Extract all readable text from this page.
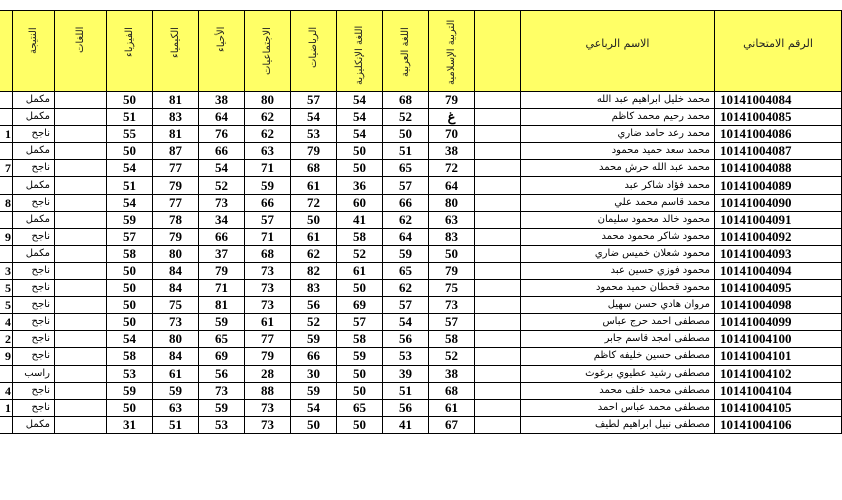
	النتيجة	اللغات	الفيزياء	الكيمياء	الأحياء	الاجتماعيات	الرياضيات	اللغة الإنكليزية	اللغة العربية	التربية الإسلامية		الاسم الرباعي	الرقم الامتحاني

	مكمل		50	81	38	80	57	54	68	79		محمد خليل ابراهيم عبد الله	10141004084
	مكمل		51	83	64	62	54	54	52	غ		محمد رحيم محمد كاظم	10141004085
1	ناجح		55	81	76	62	53	54	50	70		محمد رعد حامد ضاري	10141004086
	مكمل		50	87	66	63	79	50	51	38		محمد سعد حميد محمود	10141004087
7	ناجح		54	77	54	71	68	50	65	72		محمد عبد الله حرش محمد	10141004088
	مكمل		51	79	52	59	61	36	57	64		محمد فؤاد شاكر عبد	10141004089
8	ناجح		54	77	73	66	72	60	66	80		محمد قاسم محمد علي	10141004090
	مكمل		59	78	34	57	50	41	62	63		محمود خالد محمود سليمان	10141004091
9	ناجح		57	79	66	71	61	58	64	83		محمود شاكر محمود محمد	10141004092
	مكمل		58	80	37	68	62	52	59	50		محمود شعلان خميس ضاري	10141004093
3	ناجح		50	84	79	73	82	61	65	79		محمود فوزي حسين عبد	10141004094
5	ناجح		50	84	71	73	83	50	62	75		محمود قحطان حميد محمود	10141004095
5	ناجح		50	75	81	73	56	69	57	73		مروان هادي حسن سهيل	10141004098
4	ناجح		50	73	59	61	52	57	54	57		مصطفى احمد حرج عباس	10141004099
2	ناجح		54	80	65	77	59	58	56	58		مصطفى امجد قاسم جابر	10141004100
9	ناجح		58	84	69	79	66	59	53	52		مصطفى حسين خليفه كاظم	10141004101
	راسب		53	61	56	28	30	50	39	38		مصطفى رشيد عطيوي برغوث	10141004102
4	ناجح		59	59	73	88	59	50	51	68		مصطفى محمد خلف محمد	10141004104
1	ناجح		50	63	59	73	54	65	56	61		مصطفى محمد عباس احمد	10141004105
	مكمل		31	51	53	73	50	50	41	67		مصطفى نبيل ابراهيم لطيف	10141004106
